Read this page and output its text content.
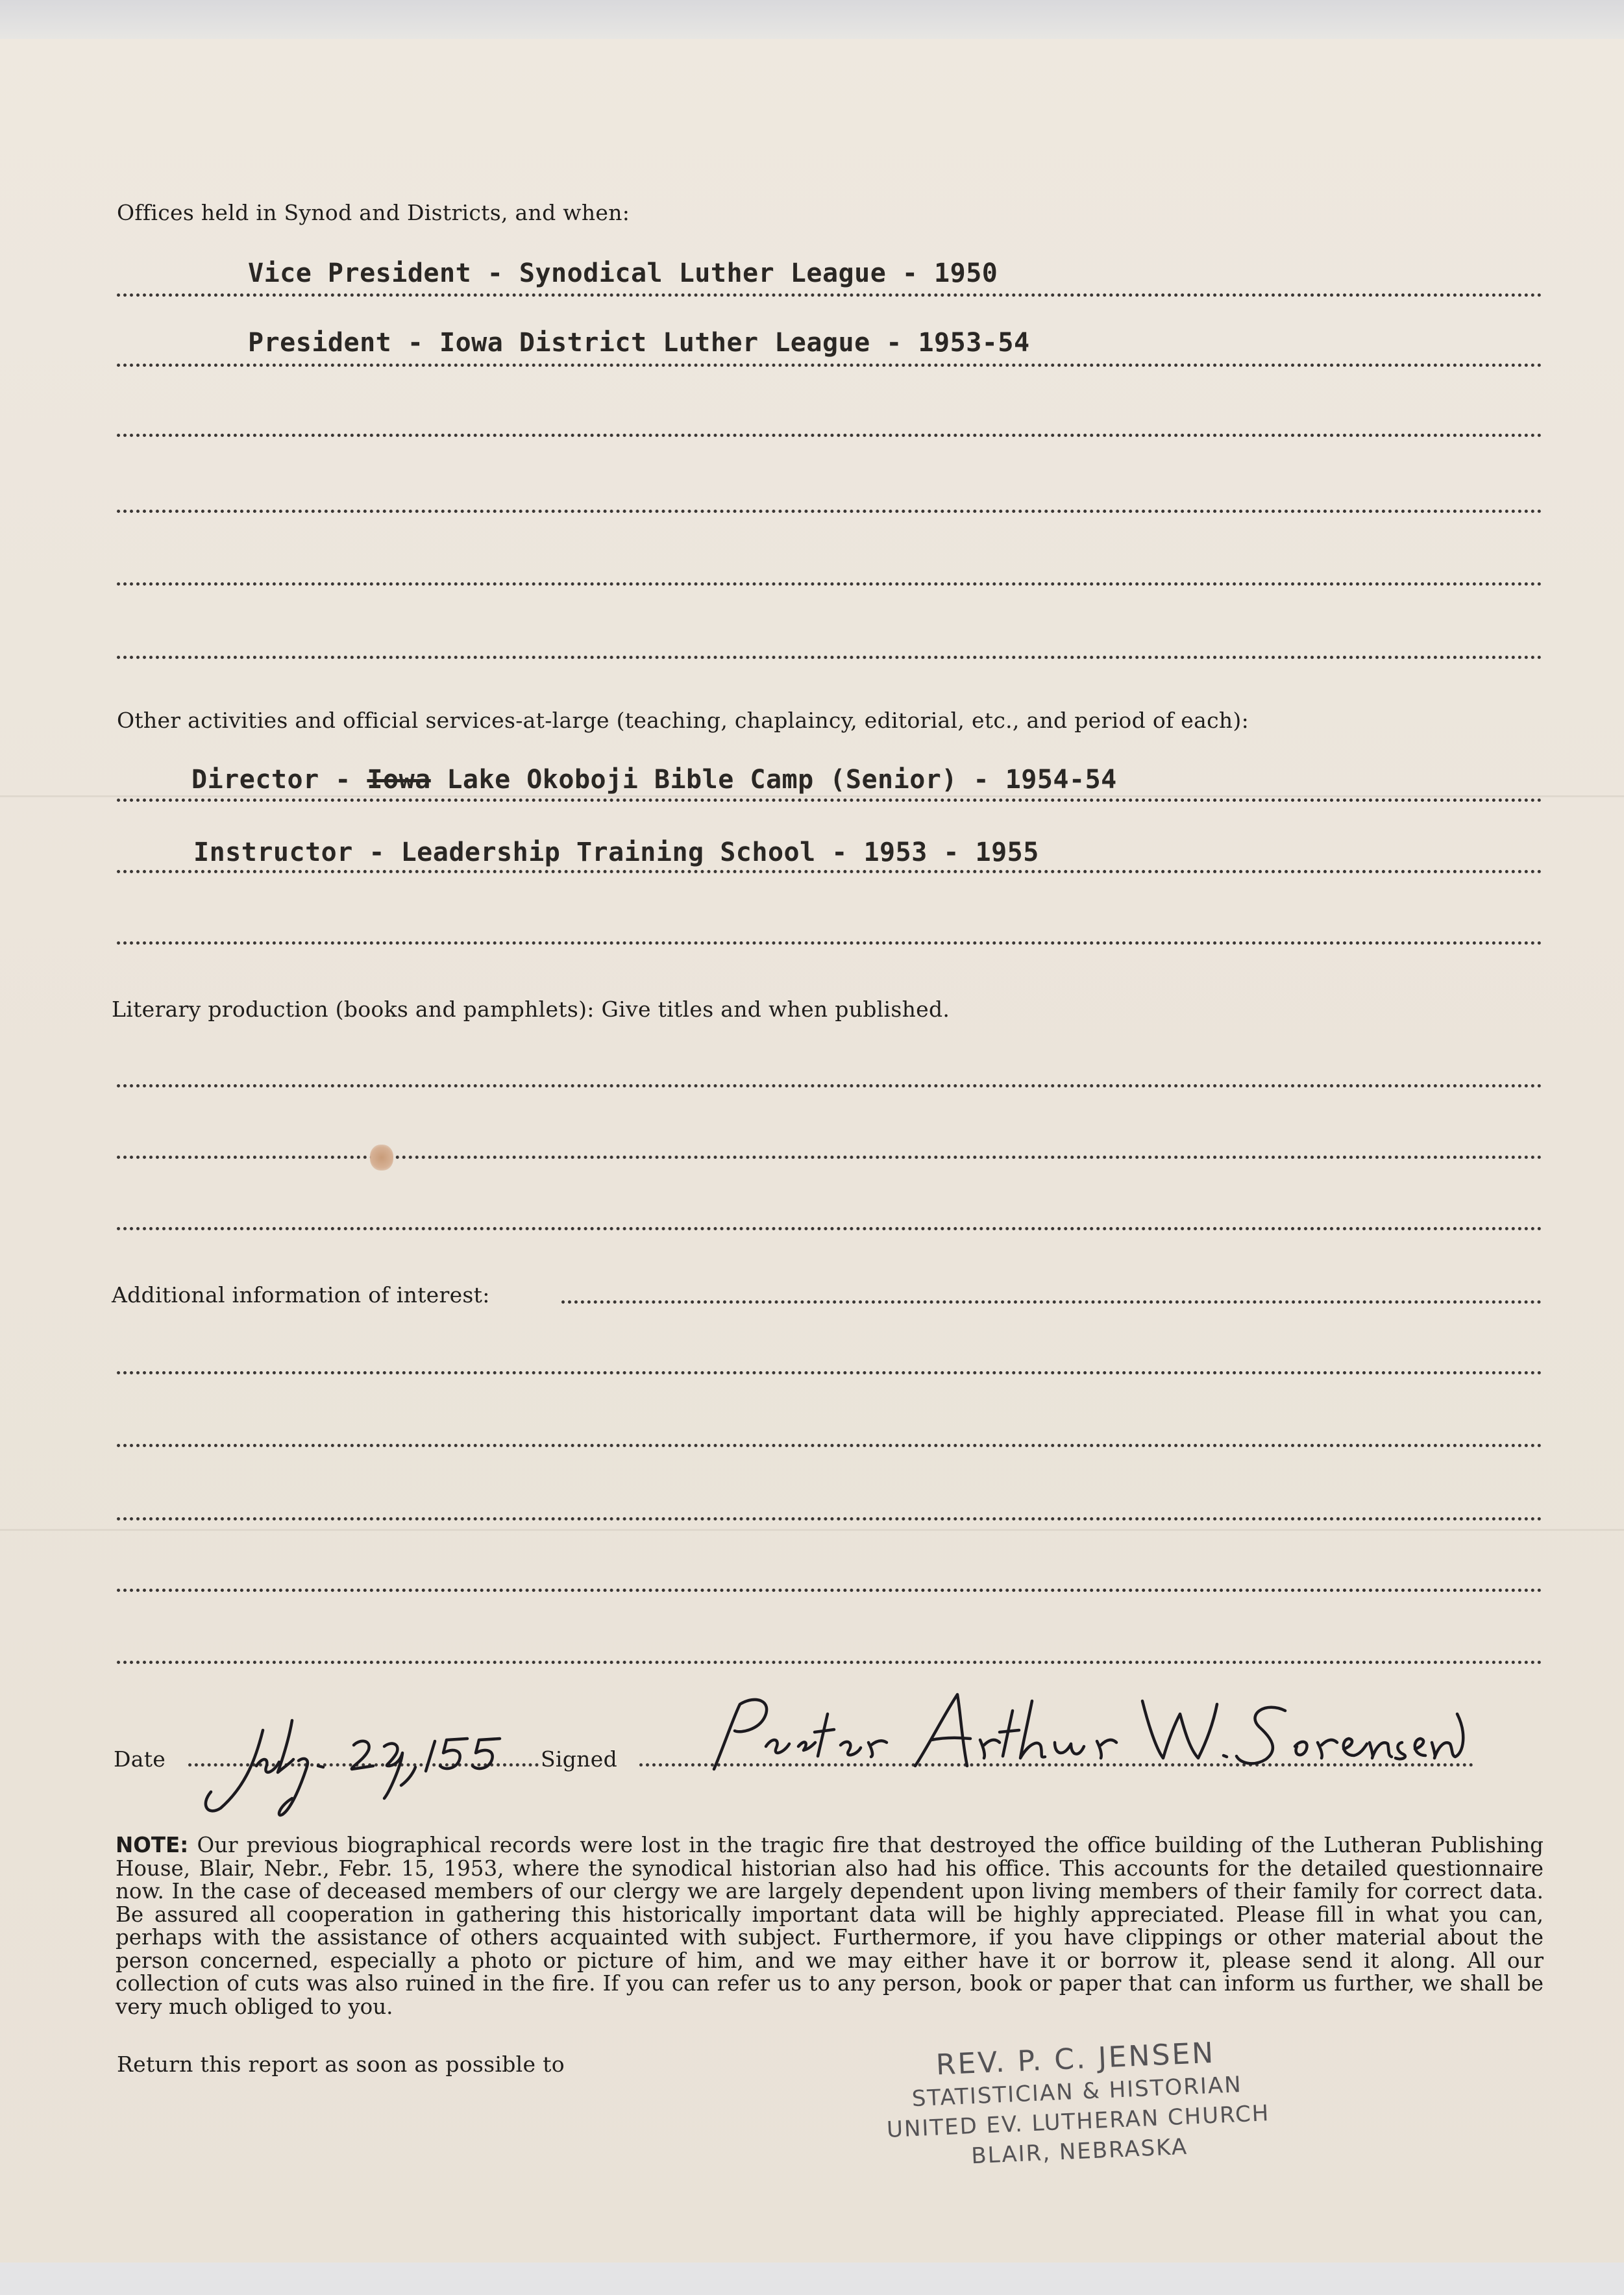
Offices held in Synod and Districts, and when:
Vice President - Synodical Luther League - 1950
President - Iowa District Luther League - 1953-54
Other activities and official services-at-large (teaching, chaplaincy, editorial, etc., and period of each):
Director - Iowa Lake Okoboji Bible Camp (Senior) - 1954-54
Instructor - Leadership Training School - 1953 - 1955
Literary production (books and pamphlets): Give titles and when published.
Additional information of interest:
Date	Signed
NOTE: Our previous biographical records were lost in the tragic fire that destroyed the office building of the Lutheran Publishing House, Blair, Nebr., Febr. 15, 1953, where the synodical historian also had his office. This accounts for the detailed questionnaire now. In the case of deceased members of our clergy we are largely dependent upon living members of their family for correct data. Be assured all cooperation in gathering this historically important data will be highly appreciated. Please fill in what you can, perhaps with the assistance of others acquainted with subject. Furthermore, if you have clippings or other material about the person concerned, especially a photo or picture of him, and we may either have it or borrow it, please send it along. All our collection of cuts was also ruined in the fire. If you can refer us to any person, book or paper that can inform us further, we shall be very much obliged to you.
Return this report as soon as possible to	REV. P. C. JENSEN
STATISTICIAN & HISTORIAN
UNITED EV. LUTHERAN CHURCH
BLAIR, NEBRASKA
